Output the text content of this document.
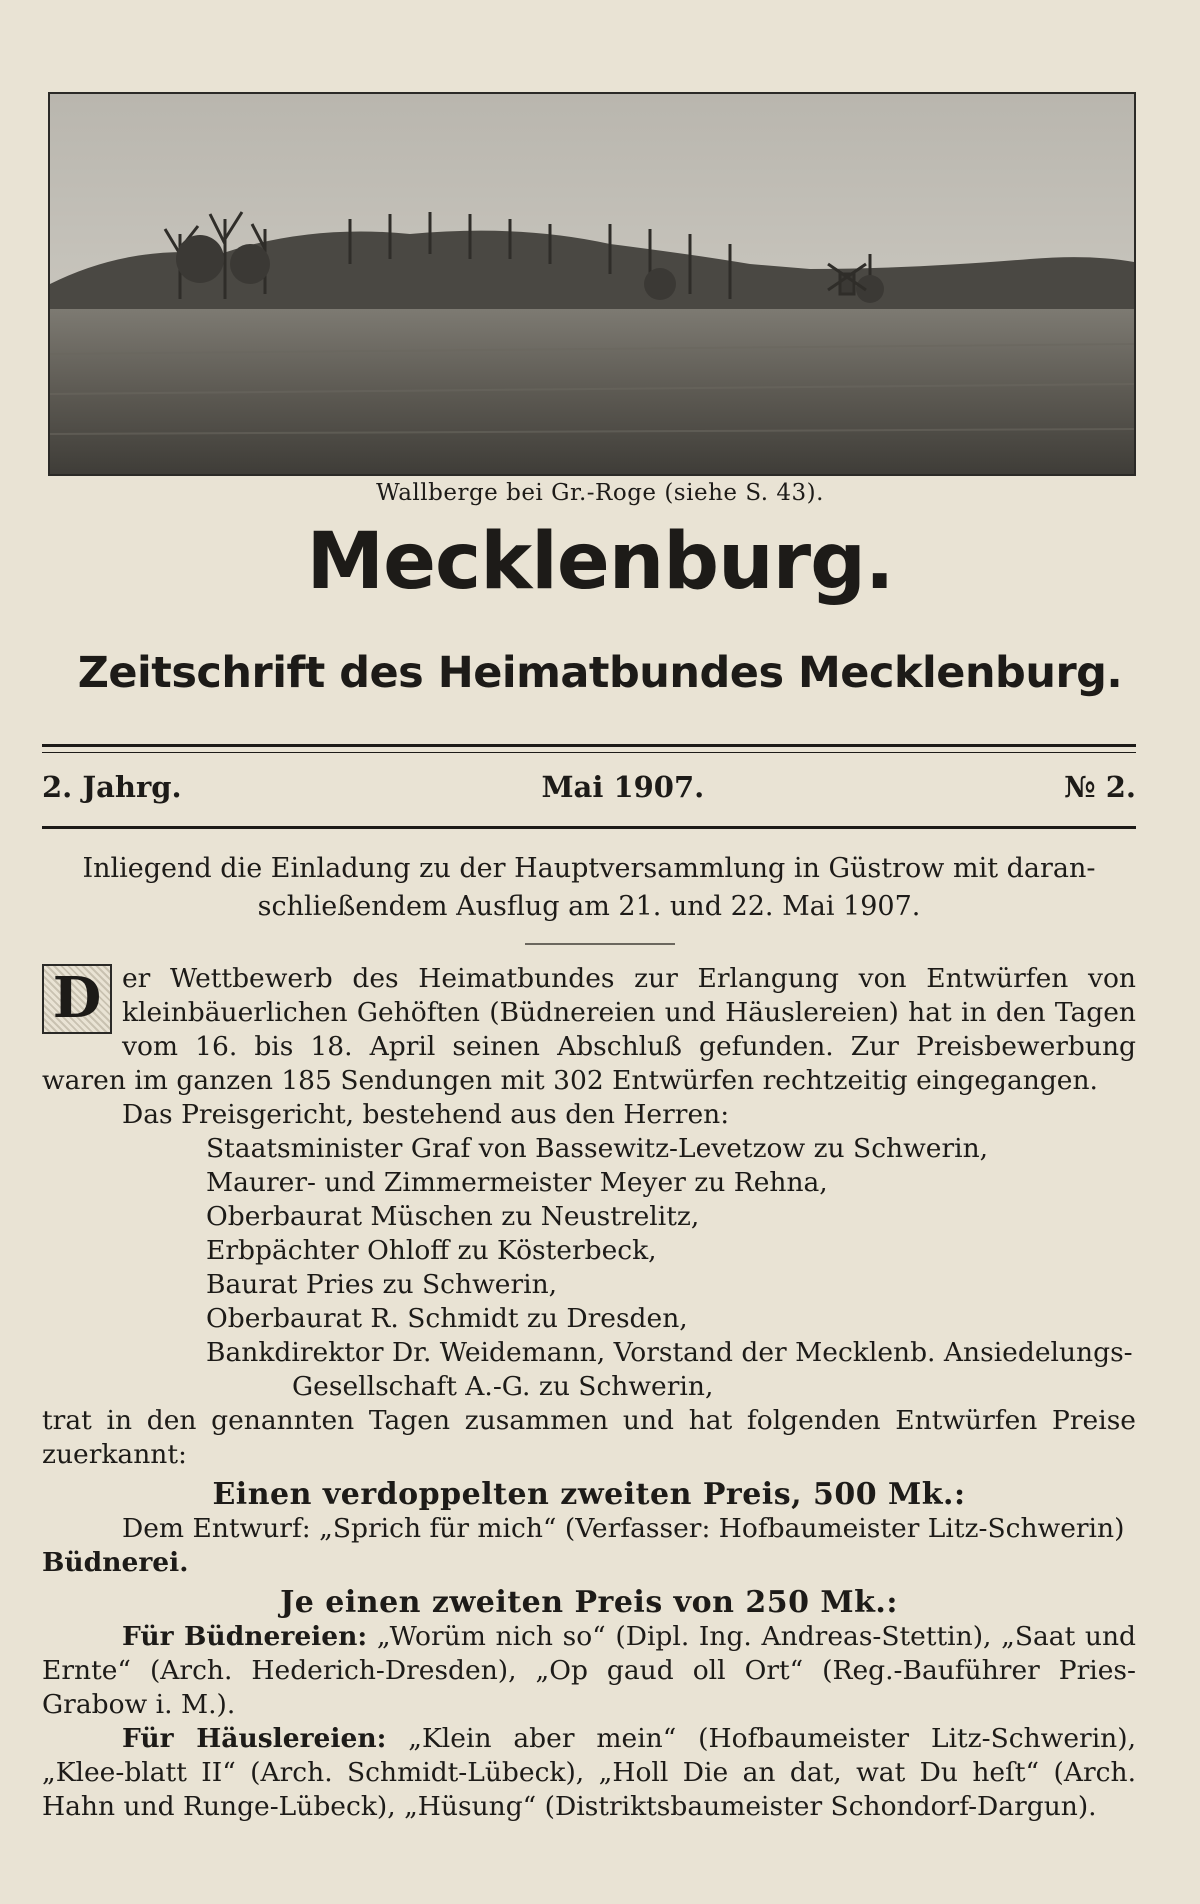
Wallberge bei Gr.-Roge (siehe S. 43).
Mecklenburg.
Zeitschrift des Heimatbundes Mecklenburg.
2. Jahrg.	Mai 1907.	№ 2.
Inliegend die Einladung zu der Hauptversammlung in Güstrow mit daran-
schließendem Ausflug am 21. und 22. Mai 1907.
D er Wettbewerb des Heimatbundes zur Erlangung von Entwürfen von kleinbäuerlichen Gehöften (Büdnereien und Häuslereien) hat in den Tagen vom 16. bis 18. April seinen Abschluß gefunden. Zur Preisbewerbung waren im ganzen 185 Sendungen mit 302 Entwürfen rechtzeitig eingegangen.
Das Preisgericht, bestehend aus den Herren:
Staatsminister Graf von Bassewitz-Levetzow zu Schwerin,
Maurer- und Zimmermeister Meyer zu Rehna,
Oberbaurat Müschen zu Neustrelitz,
Erbpächter Ohloff zu Kösterbeck,
Baurat Pries zu Schwerin,
Oberbaurat R. Schmidt zu Dresden,
Bankdirektor Dr. Weidemann, Vorstand der Mecklenb. Ansiedelungs-
Gesellschaft A.-G. zu Schwerin,
trat in den genannten Tagen zusammen und hat folgenden Entwürfen Preise zuerkannt:
Einen verdoppelten zweiten Preis, 500 Mk.:
Dem Entwurf: „Sprich für mich“ (Verfasser: Hofbaumeister Litz-Schwerin)
Büdnerei.
Je einen zweiten Preis von 250 Mk.:
Für Büdnereien: „Worüm nich so“ (Dipl. Ing. Andreas-Stettin), „Saat und Ernte“ (Arch. Hederich-Dresden), „Op gaud oll Ort“ (Reg.-Bauführer Pries-Grabow i. M.).
Für Häuslereien: „Klein aber mein“ (Hofbaumeister Litz-Schwerin), „Klee-blatt II“ (Arch. Schmidt-Lübeck), „Holl Die an dat, wat Du heſt“ (Arch. Hahn und Runge-Lübeck), „Hüsung“ (Distriktsbaumeister Schondorf-Dargun).
